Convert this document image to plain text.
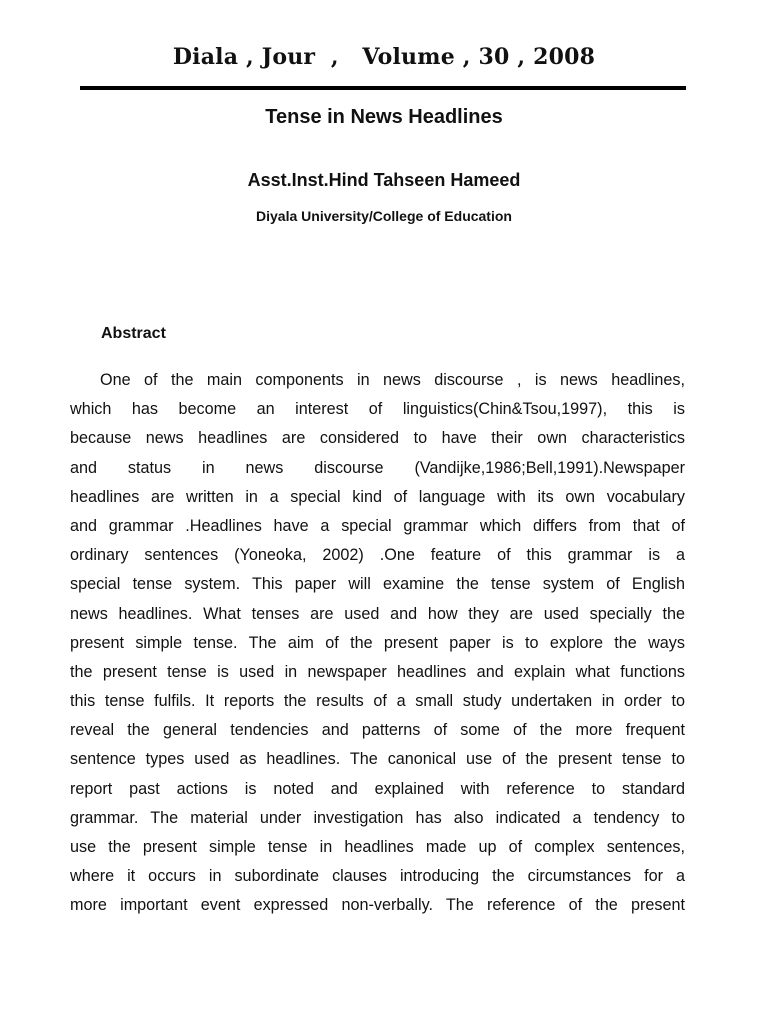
Diala , Jour  ,   Volume , 30 , 2008
Tense in News Headlines
Asst.Inst.Hind Tahseen Hameed
Diyala University/College of Education
Abstract
One of the main components in news discourse , is news headlines,
which has become an interest of linguistics(Chin&Tsou,1997), this is
because news headlines are considered to have their own characteristics
and status in news discourse (Vandijke,1986;Bell,1991).Newspaper
headlines are written in a special kind of language with its own vocabulary
and grammar .Headlines have a special grammar which differs from that of
ordinary sentences (Yoneoka, 2002) .One feature of this grammar is a
special tense system. This paper will examine the tense system of English
news headlines. What tenses are used and how they are used specially the
present simple tense. The aim of the present paper is to explore the ways
the present tense is used in newspaper headlines and explain what functions
this tense fulfils. It reports the results of a small study undertaken in order to
reveal the general tendencies and patterns of some of the more frequent
sentence types used as headlines. The canonical use of the present tense to
report past actions is noted and explained with reference to standard
grammar. The material under investigation has also indicated a tendency to
use the present simple tense in headlines made up of complex sentences,
where it occurs in subordinate clauses introducing the circumstances for a
more important event expressed non-verbally. The reference of the present
